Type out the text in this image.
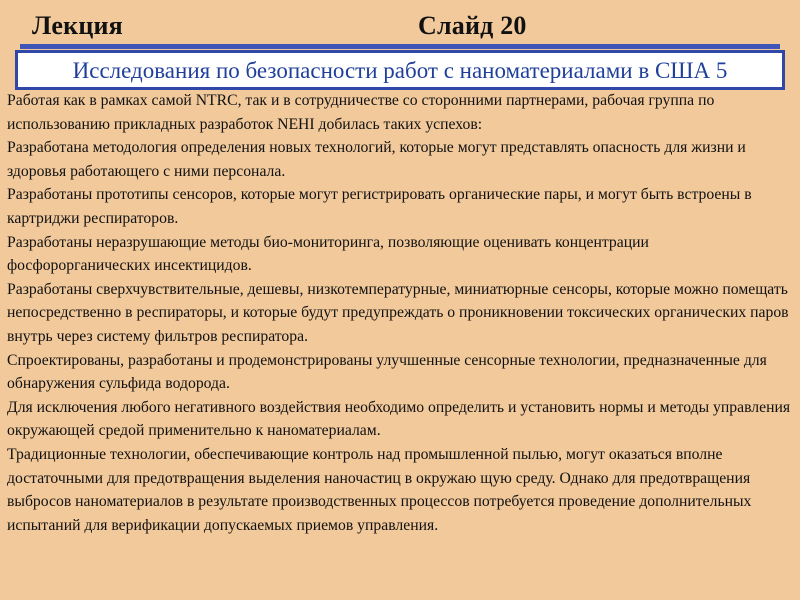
Лекция	Слайд 20
Исследования по безопасности работ с наноматериалами в США 5

Работая как в рамках самой NTRC, так и в сотрудничестве со сторонними партнерами, рабочая группа по использованию прикладных разработок NEHI добилась таких успехов:

Разработана методология определения новых технологий, которые могут представлять опасность для жизни и здоровья работающего с ними персонала.

Разработаны прототипы сенсоров, которые могут регистрировать органические пары, и могут быть встроены в картриджи респираторов.

Разработаны неразрушающие методы био-мониторинга, позволяющие оценивать концентрации фосфорорганических инсектицидов.

Разработаны сверхчувствительные, дешевы, низкотемпературные, миниатюрные сенсоры, которые можно помещать непосредственно в респираторы, и которые будут предупреждать о проникновении токсических органических паров внутрь через систему фильтров респиратора.

Спроектированы, разработаны и продемонстрированы улучшенные сенсорные технологии, предназначенные для обнаружения сульфида водорода.

Для исключения любого негативного воздействия необходимо определить и установить нормы и методы управления окружающей средой применительно к наноматериалам.

Традиционные технологии, обеспечивающие контроль над промышленной пылью, могут оказаться вполне достаточными для предотвращения выделения наночастиц в окружаю щую среду. Однако для предотвращения выбросов наноматериалов в результате производственных процессов потребуется проведение дополнительных испытаний для верификации допускаемых приемов управления.
